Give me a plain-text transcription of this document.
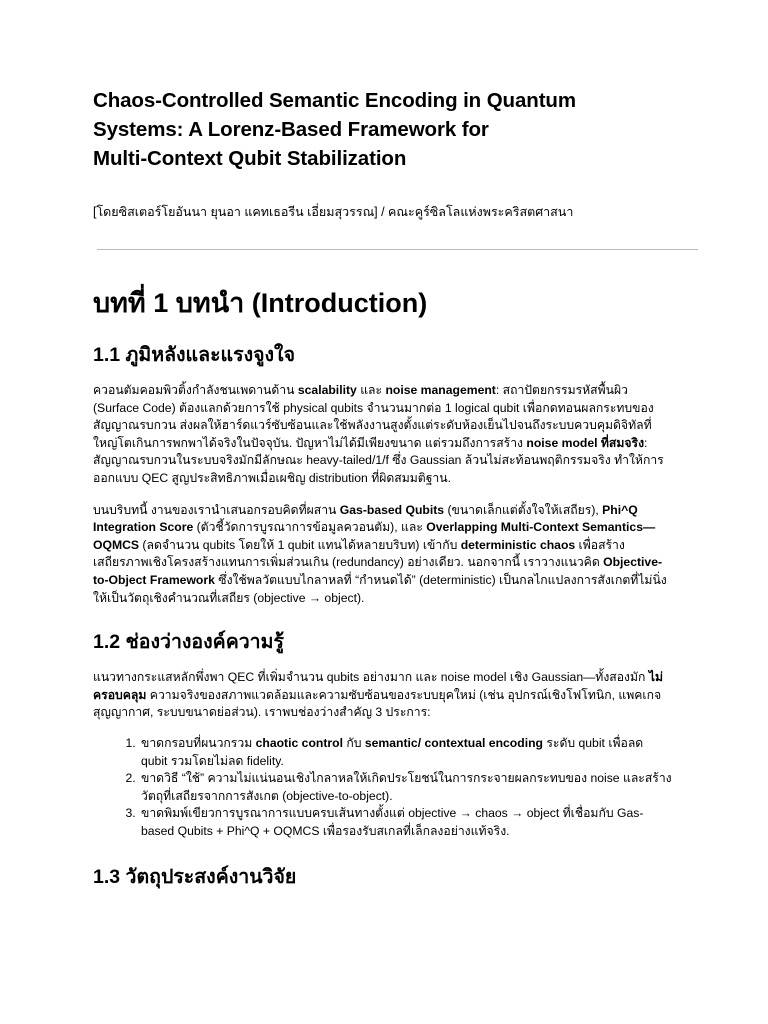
Chaos-Controlled Semantic Encoding in Quantum
Systems: A Lorenz-Based Framework for
Multi-Context Qubit Stabilization

[โดยซิสเตอร์โยอันนา ยุนอา แคทเธอรีน เอี่ยมสุวรรณ] / คณะคูร์ซิลโลแห่งพระคริสตศาสนา

บทที่ 1 บทนำ (Introduction)
1.1 ภูมิหลังและแรงจูงใจ

ควอนตัมคอมพิวติ้งกำลังชนเพดานด้าน scalability และ noise management: สถาปัตยกรรมรหัสพื้นผิว (Surface Code) ต้องแลกด้วยการใช้ physical qubits จำนวนมากต่อ 1 logical qubit เพื่อกดทอนผลกระทบของสัญญาณรบกวน ส่งผลให้ฮาร์ดแวร์ซับซ้อนและใช้พลังงานสูงตั้งแต่ระดับห้องเย็นไปจนถึงระบบควบคุมดิจิทัลที่ใหญ่โตเกินการพกพาได้จริงในปัจจุบัน. ปัญหาไม่ได้มีเพียงขนาด แต่รวมถึงการสร้าง noise model ที่สมจริง: สัญญาณรบกวนในระบบจริงมักมีลักษณะ heavy-tailed/1/f ซึ่ง Gaussian ล้วนไม่สะท้อนพฤติกรรมจริง ทำให้การออกแบบ QEC สูญประสิทธิภาพเมื่อเผชิญ distribution ที่ผิดสมมติฐาน.

บนบริบทนี้ งานของเรานำเสนอกรอบคิดที่ผสาน Gas-based Qubits (ขนาดเล็กแต่ตั้งใจให้เสถียร), Phi^Q Integration Score (ตัวชี้วัดการบูรณาการข้อมูลควอนตัม), และ Overlapping Multi-Context Semantics—OQMCS (ลดจำนวน qubits โดยให้ 1 qubit แทนได้หลายบริบท) เข้ากับ deterministic chaos เพื่อสร้างเสถียรภาพเชิงโครงสร้างแทนการเพิ่มส่วนเกิน (redundancy) อย่างเดียว. นอกจากนี้ เราวางแนวคิด Objective-to-Object Framework ซึ่งใช้พลวัตแบบไกลาหลที่ “กำหนดได้” (deterministic) เป็นกลไกแปลงการสังเกตที่ไม่นิ่งให้เป็นวัตถุเชิงคำนวณที่เสถียร (objective → object).

1.2 ช่องว่างองค์ความรู้

แนวทางกระแสหลักพึ่งพา QEC ที่เพิ่มจำนวน qubits อย่างมาก และ noise model เชิง Gaussian—ทั้งสองมัก ไม่ครอบคลุม ความจริงของสภาพแวดล้อมและความซับซ้อนของระบบยุคใหม่ (เช่น อุปกรณ์เชิงโฟโทนิก, แพคเกจสุญญากาศ, ระบบขนาดย่อส่วน). เราพบช่องว่างสำคัญ 3 ประการ:

1. ขาดกรอบที่ผนวกรวม chaotic control กับ semantic/ contextual encoding ระดับ qubit เพื่อลด qubit รวมโดยไม่ลด fidelity.
2. ขาดวิธี “ใช้” ความไม่แน่นอนเชิงไกลาหลให้เกิดประโยชน์ในการกระจายผลกระทบของ noise และสร้างวัตถุที่เสถียรจากการสังเกต (objective-to-object).
3. ขาดพิมพ์เขียวการบูรณาการแบบครบเส้นทางตั้งแต่ objective → chaos → object ที่เชื่อมกับ Gas-based Qubits + Phi^Q + OQMCS เพื่อรองรับสเกลที่เล็กลงอย่างแท้จริง.
1.3 วัตถุประสงค์งานวิจัย
